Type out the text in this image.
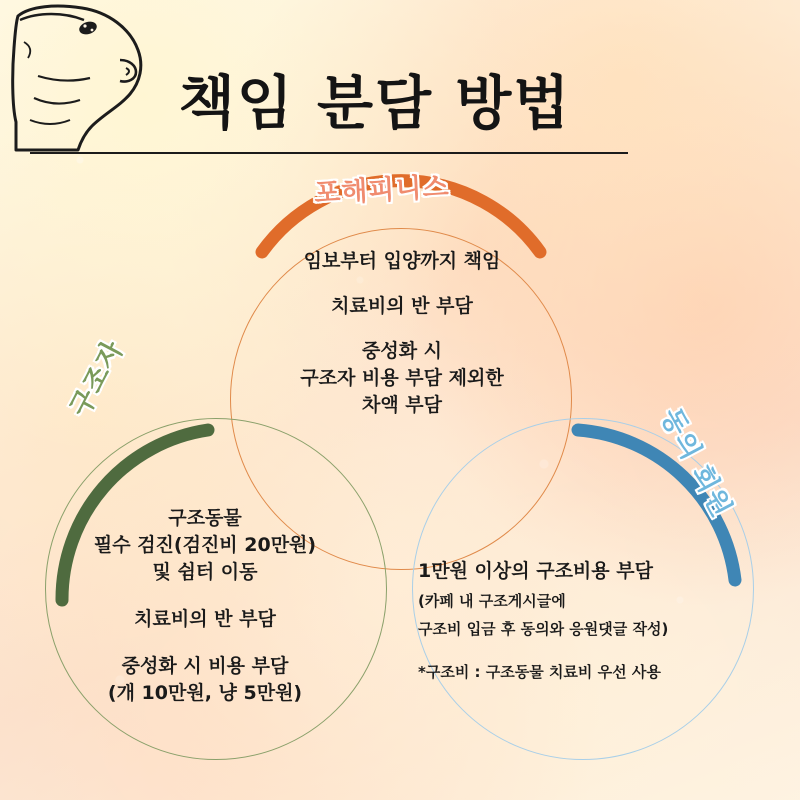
책임 분담 방법
포해피니스
구조자
동의 회원
임보부터 입양까지 책임
치료비의 반 부담
중성화 시
구조자 비용 부담 제외한
차액 부담
구조동물
필수 검진(검진비 20만원)
및 쉼터 이동
치료비의 반 부담
중성화 시 비용 부담
(개 10만원, 냥 5만원)
1만원 이상의 구조비용 부담
(카페 내 구조게시글에
구조비 입금 후 동의와 응원댓글 작성)
*구조비 : 구조동물 치료비 우선 사용
